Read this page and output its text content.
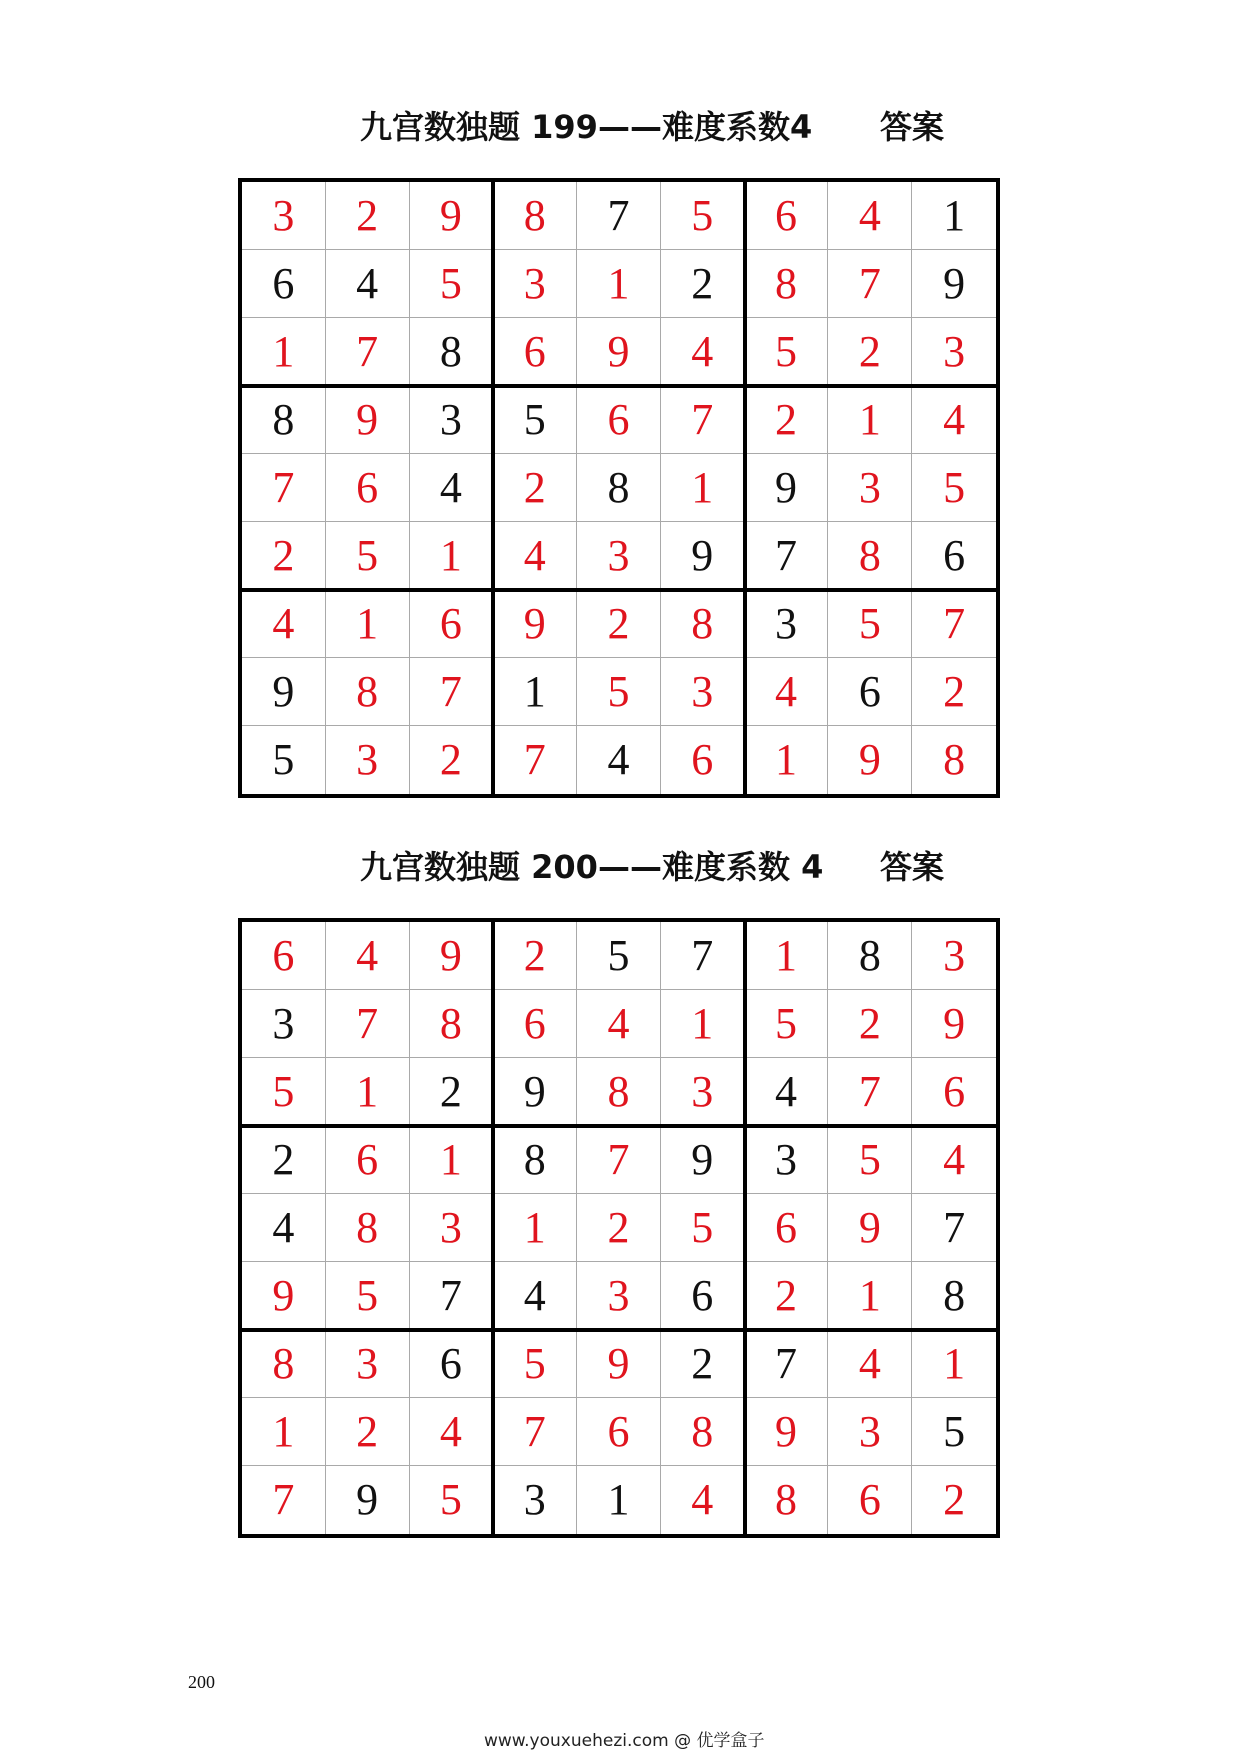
九宫数独题 199——难度系数4 答案
3	2	9	8	7	5	6	4	1
6	4	5	3	1	2	8	7	9
1	7	8	6	9	4	5	2	3
8	9	3	5	6	7	2	1	4
7	6	4	2	8	1	9	3	5
2	5	1	4	3	9	7	8	6
4	1	6	9	2	8	3	5	7
9	8	7	1	5	3	4	6	2
5	3	2	7	4	6	1	9	8
九宫数独题 200——难度系数 4 答案
6	4	9	2	5	7	1	8	3
3	7	8	6	4	1	5	2	9
5	1	2	9	8	3	4	7	6
2	6	1	8	7	9	3	5	4
4	8	3	1	2	5	6	9	7
9	5	7	4	3	6	2	1	8
8	3	6	5	9	2	7	4	1
1	2	4	7	6	8	9	3	5
7	9	5	3	1	4	8	6	2
200
www.youxuehezi.com @ 优学盒子
